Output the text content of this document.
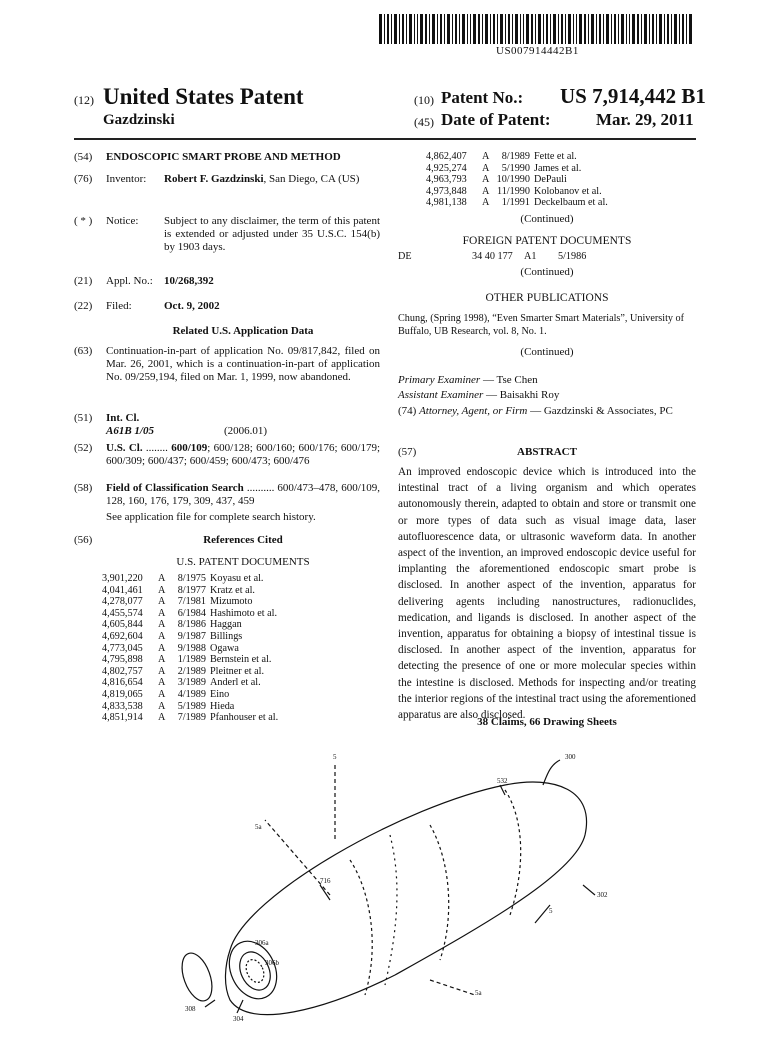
US007914442B1
(12) United States Patent
Gazdzinski
(10) Patent No.: US 7,914,442 B1
(45) Date of Patent:	Mar. 29, 2011
(54) ENDOSCOPIC SMART PROBE AND METHOD
(76) Inventor: Robert F. Gazdzinski, San Diego, CA (US)
( * ) Notice: Subject to any disclaimer, the term of this patent is extended or adjusted under 35 U.S.C. 154(b) by 1903 days.
(21) Appl. No.: 10/268,392
(22) Filed:	Oct. 9, 2002
Related U.S. Application Data
(63) Continuation-in-part of application No. 09/817,842, filed on Mar. 26, 2001, which is a continuation-in-part of application No. 09/259,194, filed on Mar. 1, 1999, now abandoned.
(51) Int. Cl.
A61B 1/05	(2006.01)
(52) U.S. Cl. ........ 600/109; 600/128; 600/160; 600/176; 600/179; 600/309; 600/437; 600/459; 600/473; 600/476
(58) Field of Classification Search .......... 600/473–478, 600/109, 128, 160, 176, 179, 309, 437, 459
See application file for complete search history.
(56)	References Cited
U.S. PATENT DOCUMENTS
3,901,220	A	8/1975 Koyasu et al.
4,041,461	A	8/1977 Kratz et al.
4,278,077	A	7/1981 Mizumoto
4,455,574	A	6/1984 Hashimoto et al.
4,605,844	A	8/1986 Haggan
4,692,604	A	9/1987 Billings
4,773,045	A	9/1988 Ogawa
4,795,898	A	1/1989 Bernstein et al.
4,802,757	A	2/1989 Pleitner et al.
4,816,654	A	3/1989 Anderl et al.
4,819,065	A	4/1989 Eino
4,833,538	A	5/1989 Hieda
4,851,914	A	7/1989 Pfanhouser et al.
4,862,407	A	8/1989 Fette et al.
4,925,274	A	5/1990 James et al.
4,963,793	A 10/1990 DePauli
4,973,848	A 11/1990 Kolobanov et al.
4,981,138	A	1/1991 Deckelbaum et al.
(Continued)
FOREIGN PATENT DOCUMENTS
DE	34 40 177 A1 5/1986
(Continued)
OTHER PUBLICATIONS
Chung, (Spring 1998), “Even Smarter Smart Materials”, University of Buffalo, UB Research, vol. 8, No. 1.
(Continued)
Primary Examiner — Tse Chen
Assistant Examiner — Baisakhi Roy
(74) Attorney, Agent, or Firm — Gazdzinski & Associates, PC
(57)	ABSTRACT
An improved endoscopic device which is introduced into the intestinal tract of a living organism and which operates autonomously therein, adapted to obtain and store or transmit one or more types of data such as visual image data, laser autofluorescence data, or ultrasonic waveform data. In another aspect of the invention, an improved endoscopic device useful for implanting the aforementioned endoscopic smart probe is disclosed. In another aspect of the invention, apparatus for delivering agents including nanostructures, radionuclides, medication, and ligands is disclosed. In another aspect of the invention, apparatus for obtaining a biopsy of intestinal tissue is disclosed. In another aspect of the invention, apparatus for detecting the presence of one or more molecular species within the intestine is disclosed. Methods for inspecting and/or treating the interior regions of the intestinal tract using the aforementioned apparatus are also disclosed.
38 Claims, 66 Drawing Sheets
5	300
532
5a
716
302
5
306a
306b
5a
308
304
